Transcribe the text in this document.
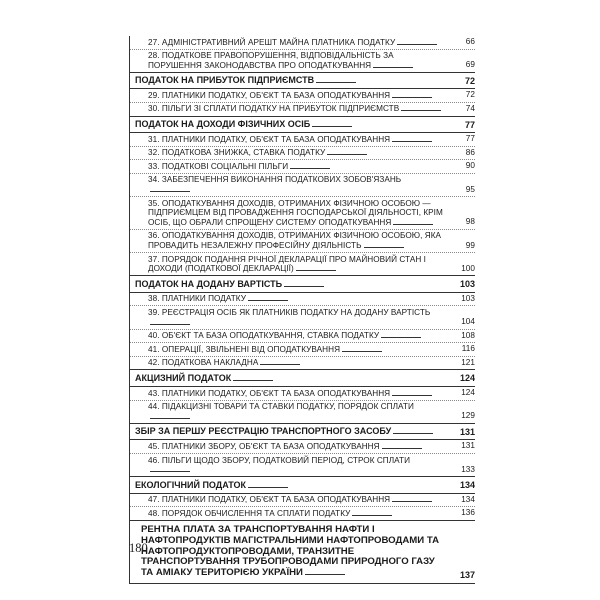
27. АДМІНІСТРАТИВНИЙ АРЕШТ МАЙНА ПЛАТНИКА ПОДАТКУ	66
28. ПОДАТКОВЕ ПРАВОПОРУШЕННЯ, ВІДПОВІДАЛЬНІСТЬ ЗА ПОРУШЕННЯ ЗАКОНОДАВСТВА ПРО ОПОДАТКУВАННЯ	69
ПОДАТОК НА ПРИБУТОК ПІДПРИЄМСТВ	72
29. ПЛАТНИКИ ПОДАТКУ, ОБ'ЄКТ ТА БАЗА ОПОДАТКУВАННЯ	72
30. ПІЛЬГИ ЗІ СПЛАТИ ПОДАТКУ НА ПРИБУТОК ПІДПРИЄМСТВ	74
ПОДАТОК НА ДОХОДИ ФІЗИЧНИХ ОСІБ	77
31. ПЛАТНИКИ ПОДАТКУ, ОБ'ЄКТ ТА БАЗА ОПОДАТКУВАННЯ	77
32. ПОДАТКОВА ЗНИЖКА, СТАВКА ПОДАТКУ	86
33. ПОДАТКОВІ СОЦІАЛЬНІ ПІЛЬГИ	90
34. ЗАБЕЗПЕЧЕННЯ ВИКОНАННЯ ПОДАТКОВИХ ЗОБОВ'ЯЗАНЬ
95
35. ОПОДАТКУВАННЯ ДОХОДІВ, ОТРИМАНИХ ФІЗИЧНОЮ ОСОБОЮ — ПІДПРИЄМЦЕМ ВІД ПРОВАДЖЕННЯ ГОСПОДАРСЬКОЇ ДІЯЛЬНОСТІ, КРІМ ОСІБ, ЩО ОБРАЛИ СПРОЩЕНУ СИСТЕМУ ОПОДАТКУВАННЯ	98
36. ОПОДАТКУВАННЯ ДОХОДІВ, ОТРИМАНИХ ФІЗИЧНОЮ ОСОБОЮ, ЯКА ПРОВАДИТЬ НЕЗАЛЕЖНУ ПРОФЕСІЙНУ ДІЯЛЬНІСТЬ	99
37. ПОРЯДОК ПОДАННЯ РІЧНОЇ ДЕКЛАРАЦІЇ ПРО МАЙНОВИЙ СТАН І ДОХОДИ (ПОДАТКОВОЇ ДЕКЛАРАЦІЇ)	100
ПОДАТОК НА ДОДАНУ ВАРТІСТЬ	103
38. ПЛАТНИКИ ПОДАТКУ	103
39. РЕЄСТРАЦІЯ ОСІБ ЯК ПЛАТНИКІВ ПОДАТКУ НА ДОДАНУ ВАРТІСТЬ
104
40. ОБ'ЄКТ ТА БАЗА ОПОДАТКУВАННЯ, СТАВКА ПОДАТКУ	108
41. ОПЕРАЦІЇ, ЗВІЛЬНЕНІ ВІД ОПОДАТКУВАННЯ	116
42. ПОДАТКОВА НАКЛАДНА	121
АКЦИЗНИЙ ПОДАТОК	124
43. ПЛАТНИКИ ПОДАТКУ, ОБ'ЄКТ ТА БАЗА ОПОДАТКУВАННЯ	124
44. ПІДАКЦИЗНІ ТОВАРИ ТА СТАВКИ ПОДАТКУ, ПОРЯДОК СПЛАТИ
129
ЗБІР ЗА ПЕРШУ РЕЄСТРАЦІЮ ТРАНСПОРТНОГО ЗАСОБУ	131
45. ПЛАТНИКИ ЗБОРУ, ОБ'ЄКТ ТА БАЗА ОПОДАТКУВАННЯ	131
46. ПІЛЬГИ ЩОДО ЗБОРУ, ПОДАТКОВИЙ ПЕРІОД, СТРОК СПЛАТИ
133
ЕКОЛОГІЧНИЙ ПОДАТОК	134
47. ПЛАТНИКИ ПОДАТКУ, ОБ'ЄКТ ТА БАЗА ОПОДАТКУВАННЯ	134
48. ПОРЯДОК ОБЧИСЛЕННЯ ТА СПЛАТИ ПОДАТКУ	136
РЕНТНА ПЛАТА ЗА ТРАНСПОРТУВАННЯ НАФТИ І НАФТОПРОДУКТІВ МАГІСТРАЛЬНИМИ НАФТОПРОВОДАМИ ТА НАФТОПРОДУКТОПРОВОДАМИ, ТРАНЗИТНЕ ТРАНСПОРТУВАННЯ ТРУБОПРОВОДАМИ ПРИРОДНОГО ГАЗУ ТА АМІАКУ ТЕРИТОРІЄЮ УКРАЇНИ	137
180
